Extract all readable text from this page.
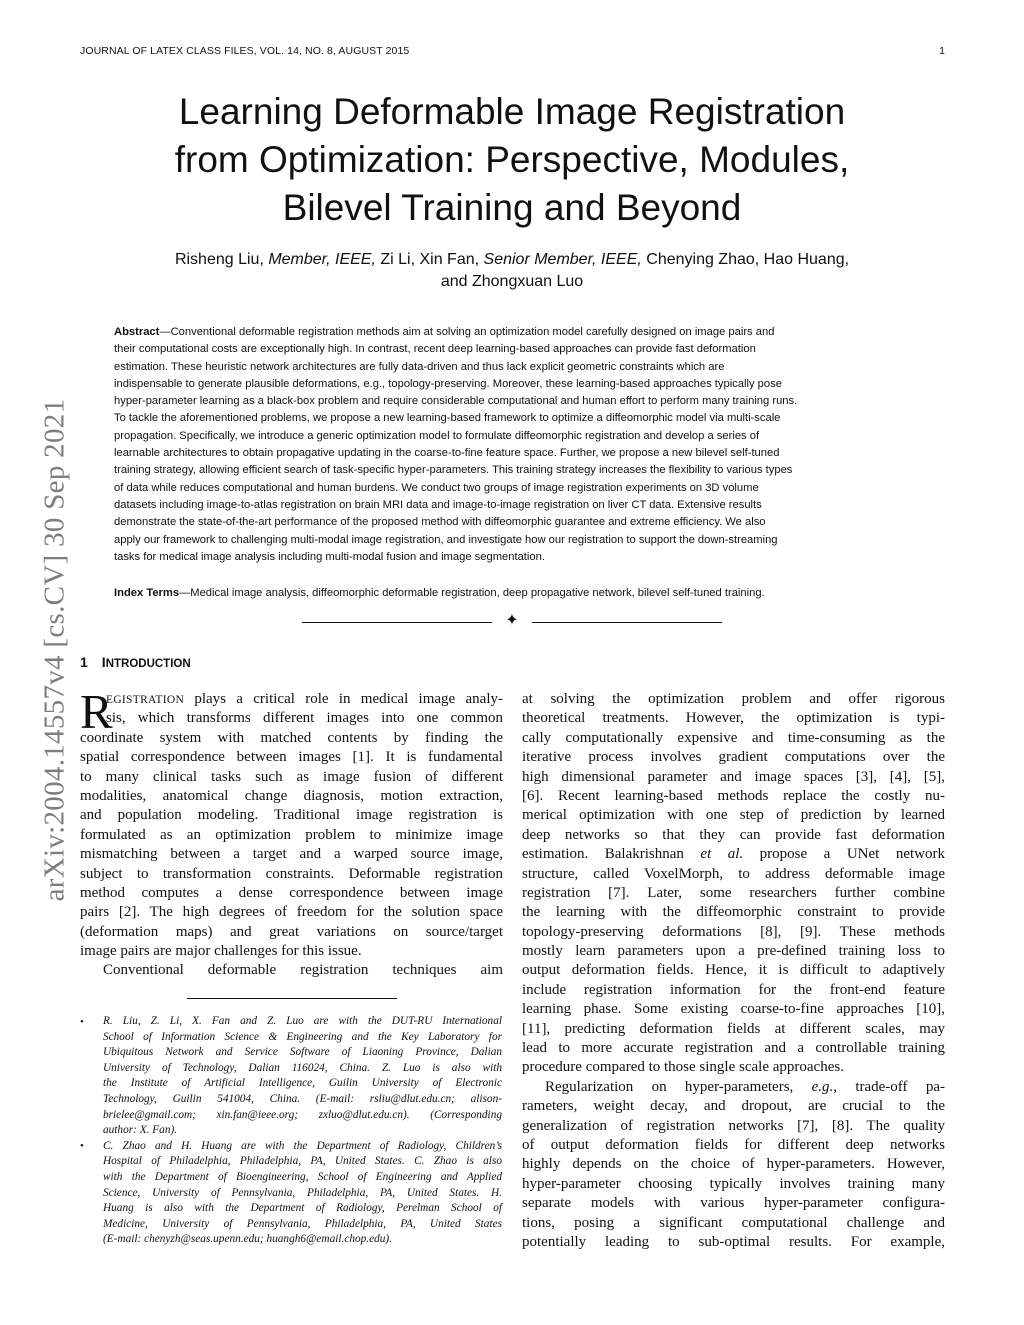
JOURNAL OF LATEX CLASS FILES, VOL. 14, NO. 8, AUGUST 2015	1
arXiv:2004.14557v4 [cs.CV] 30 Sep 2021
Learning Deformable Image Registration
from Optimization: Perspective, Modules,
Bilevel Training and Beyond
Risheng Liu, Member, IEEE, Zi Li, Xin Fan, Senior Member, IEEE, Chenying Zhao, Hao Huang,
and Zhongxuan Luo
Abstract—Conventional deformable registration methods aim at solving an optimization model carefully designed on image pairs and
their computational costs are exceptionally high. In contrast, recent deep learning-based approaches can provide fast deformation
estimation. These heuristic network architectures are fully data-driven and thus lack explicit geometric constraints which are
indispensable to generate plausible deformations, e.g., topology-preserving. Moreover, these learning-based approaches typically pose
hyper-parameter learning as a black-box problem and require considerable computational and human effort to perform many training runs.
To tackle the aforementioned problems, we propose a new learning-based framework to optimize a diffeomorphic model via multi-scale
propagation. Specifically, we introduce a generic optimization model to formulate diffeomorphic registration and develop a series of
learnable architectures to obtain propagative updating in the coarse-to-fine feature space. Further, we propose a new bilevel self-tuned
training strategy, allowing efficient search of task-specific hyper-parameters. This training strategy increases the flexibility to various types
of data while reduces computational and human burdens. We conduct two groups of image registration experiments on 3D volume
datasets including image-to-atlas registration on brain MRI data and image-to-image registration on liver CT data. Extensive results
demonstrate the state-of-the-art performance of the proposed method with diffeomorphic guarantee and extreme efficiency. We also
apply our framework to challenging multi-modal image registration, and investigate how our registration to support the down-streaming
tasks for medical image analysis including multi-modal fusion and image segmentation.
Index Terms—Medical image analysis, diffeomorphic deformable registration, deep propagative network, bilevel self-tuned training.
✦
1 INTRODUCTION
R
EGISTRATION plays a critical role in medical image analy-
sis, which transforms different images into one common
coordinate system with matched contents by finding the
spatial correspondence between images [1]. It is fundamental
to many clinical tasks such as image fusion of different
modalities, anatomical change diagnosis, motion extraction,
and population modeling. Traditional image registration is
formulated as an optimization problem to minimize image
mismatching between a target and a warped source image,
subject to transformation constraints. Deformable registration
method computes a dense correspondence between image
pairs [2]. The high degrees of freedom for the solution space
(deformation maps) and great variations on source/target
image pairs are major challenges for this issue.
Conventional deformable registration techniques aim
•
•
R. Liu, Z. Li, X. Fan and Z. Luo are with the DUT-RU International
School of Information Science & Engineering and the Key Laboratory for
Ubiquitous Network and Service Software of Liaoning Province, Dalian
University of Technology, Dalian 116024, China. Z. Luo is also with
the Institute of Artificial Intelligence, Guilin University of Electronic
Technology, Guilin 541004, China. (E-mail: rsliu@dlut.edu.cn; alison-
brielee@gmail.com; xin.fan@ieee.org; zxluo@dlut.edu.cn). (Corresponding
author: X. Fan).
C. Zhao and H. Huang are with the Department of Radiology, Children’s
Hospital of Philadelphia, Philadelphia, PA, United States. C. Zhao is also
with the Department of Bioengineering, School of Engineering and Applied
Science, University of Pennsylvania, Philadelphia, PA, United States. H.
Huang is also with the Department of Radiology, Perelman School of
Medicine, University of Pennsylvania, Philadelphia, PA, United States
(E-mail: chenyzh@seas.upenn.edu; huangh6@email.chop.edu).
at solving the optimization problem and offer rigorous
theoretical treatments. However, the optimization is typi-
cally computationally expensive and time-consuming as the
iterative process involves gradient computations over the
high dimensional parameter and image spaces [3], [4], [5],
[6]. Recent learning-based methods replace the costly nu-
merical optimization with one step of prediction by learned
deep networks so that they can provide fast deformation
estimation. Balakrishnan et al. propose a UNet network
structure, called VoxelMorph, to address deformable image
registration [7]. Later, some researchers further combine
the learning with the diffeomorphic constraint to provide
topology-preserving deformations [8], [9]. These methods
mostly learn parameters upon a pre-defined training loss to
output deformation fields. Hence, it is difficult to adaptively
include registration information for the front-end feature
learning phase. Some existing coarse-to-fine approaches [10],
[11], predicting deformation fields at different scales, may
lead to more accurate registration and a controllable training
procedure compared to those single scale approaches.
Regularization on hyper-parameters, e.g., trade-off pa-
rameters, weight decay, and dropout, are crucial to the
generalization of registration networks [7], [8]. The quality
of output deformation fields for different deep networks
highly depends on the choice of hyper-parameters. However,
hyper-parameter choosing typically involves training many
separate models with various hyper-parameter configura-
tions, posing a significant computational challenge and
potentially leading to sub-optimal results. For example,
